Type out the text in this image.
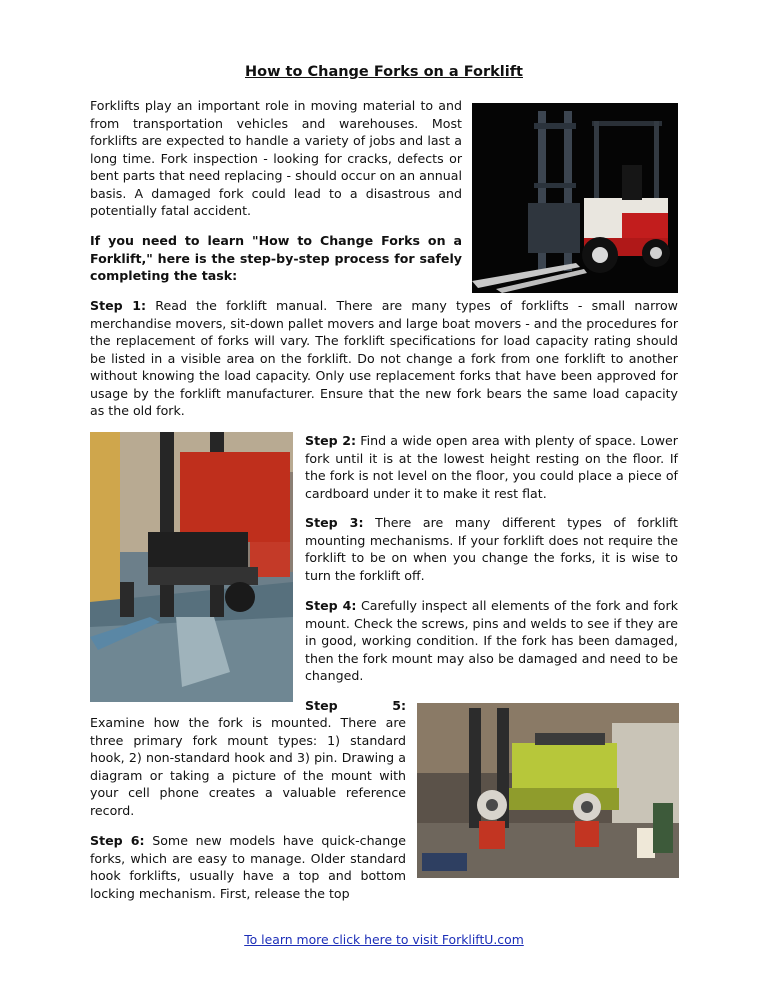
How to Change Forks on a Forklift

Forklifts play an important role in moving material to and from transportation vehicles and warehouses. Most forklifts are expected to handle a variety of jobs and last a long time. Fork inspection - looking for cracks, defects or bent parts that need replacing - should occur on an annual basis. A damaged fork could lead to a disastrous and potentially fatal accident.

If you need to learn "How to Change Forks on a Forklift," here is the step-by-step process for safely completing the task:

Step 1: Read the forklift manual. There are many types of forklifts - small narrow merchandise movers, sit-down pallet movers and large boat movers - and the procedures for the replacement of forks will vary. The forklift specifications for load capacity rating should be listed in a visible area on the forklift. Do not change a fork from one forklift to another without knowing the load capacity. Only use replacement forks that have been approved for usage by the forklift manufacturer. Ensure that the new fork bears the same load capacity as the old fork.

Step 2: Find a wide open area with plenty of space. Lower fork until it is at the lowest height resting on the floor. If the fork is not level on the floor, you could place a piece of cardboard under it to make it rest flat.

Step 3: There are many different types of forklift mounting mechanisms. If your forklift does not require the forklift to be on when you change the forks, it is wise to turn the forklift off.

Step 4: Carefully inspect all elements of the fork and fork mount. Check the screws, pins and welds to see if they are in good, working condition. If the fork has been damaged, then the fork mount may also be damaged and need to be changed.

Step	5:

Examine how the fork is mounted. There are three primary fork mount types: 1) standard hook, 2) non-standard hook and 3) pin. Drawing a diagram or taking a picture of the mount with your cell phone creates a valuable reference record.

Step 6: Some new models have quick-change forks, which are easy to manage. Older standard hook forklifts, usually have a top and bottom locking mechanism. First, release the top

To learn more click here to visit ForkliftU.com
